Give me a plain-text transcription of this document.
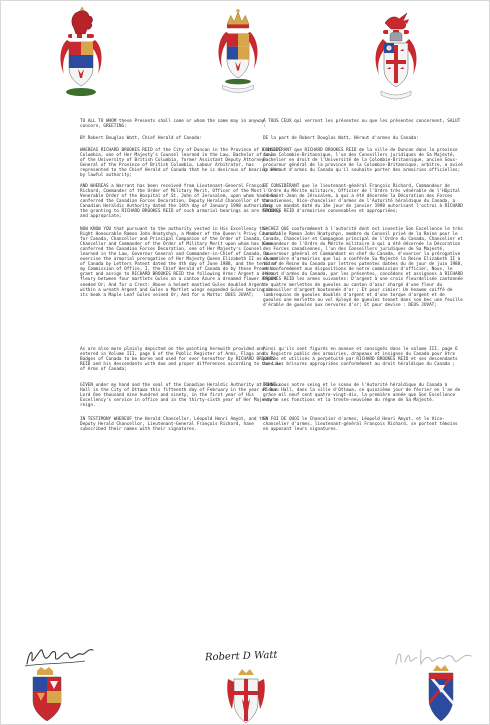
TO ALL TO WHOM these Presents shall come or whom the same may in anyway concern, GREETING:
BY Robert Douglas Watt, Chief Herald of Canada:
WHEREAS RICHARD BROOKES REID of the City of Duncan in the Province of British Columbia, one of Her Majesty's Counsel learned in the Law, Bachelor of Laws of the University of British Columbia, former Assistant Deputy Attorney-General of the Province of British Columbia, Labour Arbitrator, has represented to the Chief Herald of Canada that he is desirous of bearing arms by lawful authority;
AND WHEREAS a Warrant has been received from Lieutenant-General François Richard, Commander of the Order of Military Merit, Officer of the Most Venerable Order of the Hospital of St. John of Jerusalem, upon whom has been conferred the Canadian Forces Decoration, Deputy Herald Chancellor of the Canadian Heraldic Authority dated the 14th day of January 1998 authorizing the granting to RICHARD BROOKES REID of such armorial bearings as are fitting and appropriate;
NOW KNOW YOU that pursuant to the authority vested in His Excellency the Right Honourable Ramon John Hnatyshyn, a Member of the Queen's Privy Council for Canada, Chancellor and Principal Companion of the Order of Canada, Chancellor and Commander of the Order of Military Merit upon whom has been conferred the Canadian Forces Decoration, one of Her Majesty's Counsel learned in the Law, Governor General and Commander-in-Chief of Canada, to exercise the armorial prerogative of Her Majesty Queen Elizabeth II as Queen of Canada by Letters Patent dated the 4th day of June 1988, and the terms of my Commission of Office, I, the Chief Herald of Canada do by these Presents grant and assign to RICHARD BROOKES REID the following Arms: Argent a cross fleury between four martlets Gules on a canton Azure a dreamed flower Argent seeded Or; And for a Crest: Above a helmet mantled Gules doubled Argent within a wreath Argent and Gules a Martlet wings expanded Gules bearing in its beak a Maple Leaf Gules veined Or; And for a Motto: DOES JUVAT;
As are also more plainly depicted on the painting herewith provided and entered in Volume III, page 6 of the Public Register of Arms, Flags and Badges of Canada to be borne and used for ever hereafter by RICHARD BROOKES REID and his descendants with due and proper differences according to the Law of Arms of Canada;
GIVEN under my hand and the seal of the Canadian Heraldic Authority at Rideau Hall in the City of Ottawa this fifteenth day of February in the year of Our Lord One thousand nine hundred and ninety, in the first year of His Excellency's service in office and in the thirty-sixth year of Her Majesty's reign.
IN TESTIMONY WHEREOF the Herald Chancellor, Léopold Henri Amyot, and the Deputy Herald Chancellor, Lieutenant-General François Richard, have subscribed their names with their signatures.
À TOUS CEUX qui verront les présentes ou que les présentes concernent, SALUT :
DE la part de Robert Douglas Watt, Héraut d'armes du Canada:
CONSIDÉRANT que RICHARD BROOKES REID de la ville de Duncan dans la province de la Colombie-Britannique, l'un des Conseillers juridiques de Sa Majesté, Bachelier en droit de l'Université de la Colombie-Britannique, ancien Sous-procureur général de la province de la Colombie-Britannique, arbitre, a avisé le Héraut d'armes du Canada qu'il souhaite porter des armoiries officielles;
ET CONSIDÉRANT que le lieutenant-général François Richard, Commandeur de l'Ordre du Mérite militaire, Officier de l'Ordre très vénérable de l'Hôpital de Saint-Jean de Jérusalem, à qui a été décernée la Décoration des Forces canadiennes, Vice-chancelier d'armes de l'Autorité héraldique du Canada, a émis un mandat daté du 14e jour de janvier 1998 autorisant l'octroi à RICHARD BROOKES REID d'armoiries convenables et appropriées;
SACHEZ QUE conformément à l'autorité dont est investie Son Excellence le très honorable Ramon John Hnatyshyn, membre du Conseil privé de la Reine pour le Canada, Chancelier et Compagnon principal de l'Ordre du Canada, Chancelier et Commandeur de l'Ordre du Mérite militaire à qui a été décernée la Décoration des Forces canadiennes, l'un des Conseillers juridiques de Sa Majesté, Gouverneur général et Commandant en chef du Canada, d'exercer la prérogative en matière d'armoiries que lui a conférée Sa Majesté la Reine Elizabeth II à titre de Reine du Canada par lettres patentes datées du 4e jour de juin 1988, et conformément aux dispositions de notre commission d'officier, Nous, le Héraut d'armes du Canada, par les présentes, concédons et assignons à RICHARD BROOKES REID les armes suivantes: D'argent à une croix fleurdelisée cantonnée de quatre merlettes de gueules au canton d'azur chargé d'une fleur du cornouiller d'argent boutonnée d'or ; Et pour cimier: Un heaume coiffé de lambrequins de gueules doublés d'argent et d'une torque d'argent et de gueules une merlette au vol éployé de gueules tenant dans son bec une feuille d'érable de gueules aux nervures d'or; Et pour devise : DEUS JUVAT;
Ainsi qu'ils sont figurés en annexe et consignés dans le volume III, page 6 du Registre public des armoiries, drapeaux et insignes du Canada pour être portés et utilisés à perpétuité par RICHARD BROOKES REID et ses descendants avec les brisures appropriées conformément au droit héraldique du Canada ;
DONNÉ sous notre seing et le sceau de l'Autorité héraldique du Canada à Rideau Hall, dans la ville d'Ottawa, ce quinzième jour de février en l'an de grâce mil neuf cent quatre-vingt-dix, la première année que Son Excellence exerce ses fonctions et la trente-neuvième du règne de Sa Majesté.
EN FOI DE QUOI le Chancelier d'armes, Léopold Henri Amyot, et le Vice-chancelier d'armes, lieutenant-général François Richard, se portent témoins en apposant leurs signatures.
Robert D Watt
